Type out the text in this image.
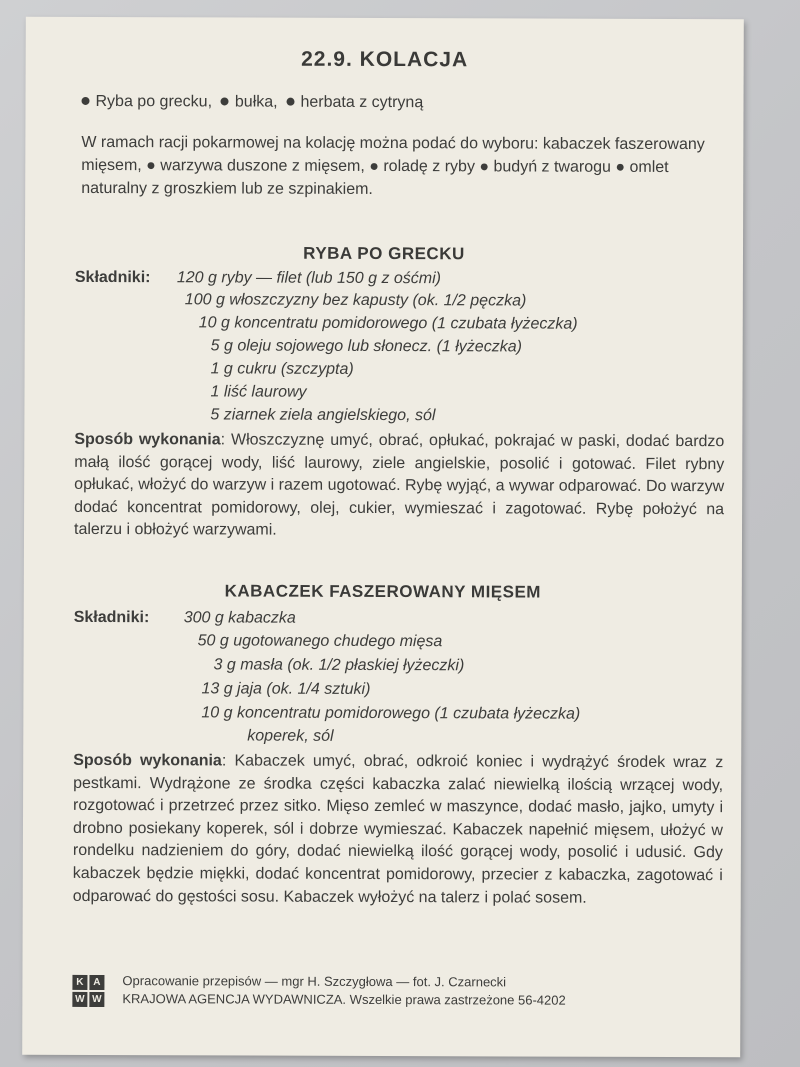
22.9. KOLACJA
Ryba po grecku, bułka, herbata z cytryną

W ramach racji pokarmowej na kolację można podać do wyboru: kabaczek faszerowany mięsem, ● warzywa duszone z mięsem, ● roladę z ryby ● budyń z twarogu ● omlet naturalny z groszkiem lub ze szpinakiem.

RYBA PO GRECKU
Składniki: 120 g ryby — filet (lub 150 g z ośćmi)
100 g włoszczyzny bez kapusty (ok. 1/2 pęczka)
10 g koncentratu pomidorowego (1 czubata łyżeczka)
5 g oleju sojowego lub słonecz. (1 łyżeczka)
1 g cukru (szczypta)
1 liść laurowy
5 ziarnek ziela angielskiego, sól

Sposób wykonania: Włoszczyznę umyć, obrać, opłukać, pokrajać w paski, dodać bardzo małą ilość gorącej wody, liść laurowy, ziele angielskie, posolić i gotować. Filet rybny opłukać, włożyć do warzyw i razem ugotować. Rybę wyjąć, a wywar odparować. Do warzyw dodać koncentrat pomidorowy, olej, cukier, wymieszać i zagotować. Rybę położyć na talerzu i obłożyć warzywami.

KABACZEK FASZEROWANY MIĘSEM
Składniki: 300 g kabaczka
50 g ugotowanego chudego mięsa
3 g masła (ok. 1/2 płaskiej łyżeczki)
13 g jaja (ok. 1/4 sztuki)
10 g koncentratu pomidorowego (1 czubata łyżeczka)
koperek, sól

Sposób wykonania: Kabaczek umyć, obrać, odkroić koniec i wydrążyć środek wraz z pestkami. Wydrążone ze środka części kabaczka zalać niewielką ilością wrzącej wody, rozgotować i przetrzeć przez sitko. Mięso zemleć w maszynce, dodać masło, jajko, umyty i drobno posiekany koperek, sól i dobrze wymieszać. Kabaczek napełnić mięsem, ułożyć w rondelku nadzieniem do góry, dodać niewielką ilość gorącej wody, posolić i udusić. Gdy kabaczek będzie miękki, dodać koncentrat pomidorowy, przecier z kabaczka, zagotować i odparować do gęstości sosu. Kabaczek wyłożyć na talerz i polać sosem.

K A
W W
Opracowanie przepisów — mgr H. Szczygłowa — fot. J. Czarnecki
KRAJOWA AGENCJA WYDAWNICZA. Wszelkie prawa zastrzeżone 56-4202
